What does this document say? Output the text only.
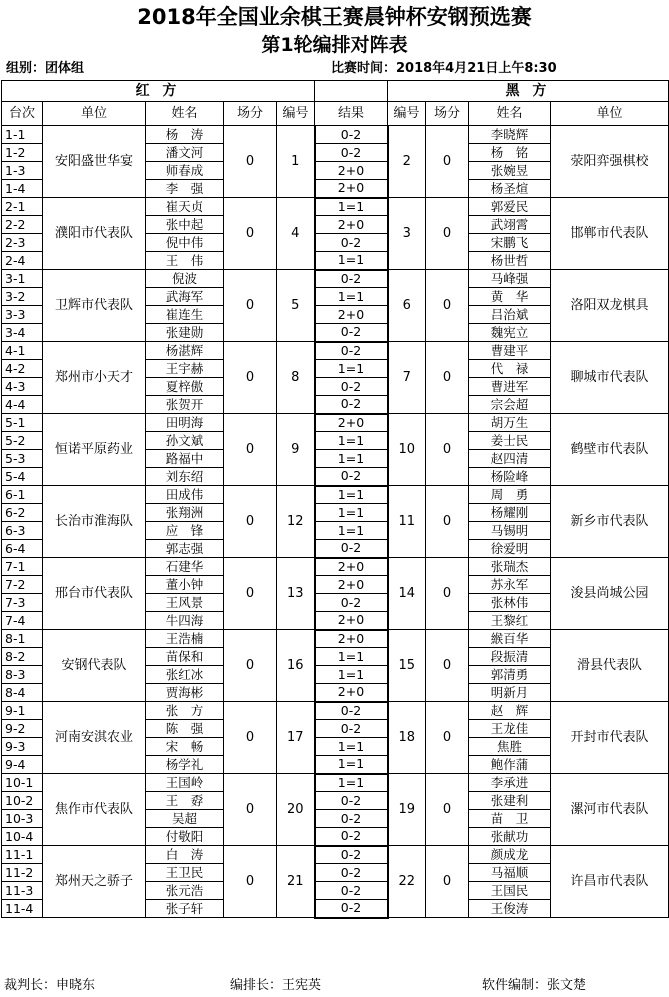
2018年全国业余棋王赛晨钟杯安钢预选赛
第1轮编排对阵表
组别：团体组	比赛时间：2018年4月21日上午8:30
红 方						黑 方			
台次	单位	姓名	场分	编号	结果	编号	场分	姓名	单位
1-1	安阳盛世华宴	杨　涛	0	1	0-2	2	0	李晓辉	荥阳弈强棋校
1-2		潘文河			0-2			杨　铭	
1-3		师春成			2+0			张婉昱	
1-4		李　强			2+0			杨圣煊	
2-1	濮阳市代表队	崔天贞	0	4	1=1	3	0	郭爱民	邯郸市代表队
2-2		张中起			2+0			武翊霄	
2-3		倪中伟			0-2			宋鹏飞	
2-4		王　伟			1=1			杨世哲	
3-1	卫辉市代表队	倪波	0	5	0-2	6	0	马峰强	洛阳双龙棋具
3-2		武海军			1=1			黄　华	
3-3		崔连生			2+0			吕治斌	
3-4		张建勋			0-2			魏宪立	
4-1	郑州市小天才	杨湛辉	0	8	0-2	7	0	曹建平	聊城市代表队
4-2		王宇赫			1=1			代　禄	
4-3		夏梓傲			0-2			曹进军	
4-4		张贺开			0-2			宗会超	
5-1	恒诺平原药业	田明海	0	9	2+0	10	0	胡万生	鹤壁市代表队
5-2		孙文斌			1=1			姜士民	
5-3		路福中			1=1			赵四清	
5-4		刘东绍			0-2			杨险峰	
6-1	长治市淮海队	田成伟	0	12	1=1	11	0	周　勇	新乡市代表队
6-2		张翔洲			1=1			杨耀刚	
6-3		应　锋			1=1			马锡明	
6-4		郭志强			0-2			徐爱明	
7-1	邢台市代表队	石建华	0	13	2+0	14	0	张瑞杰	浚县尚城公园
7-2		董小钟			2+0			苏永军	
7-3		王风景			0-2			张林伟	
7-4		牛四海			2+0			王黎红	
8-1	安钢代表队	王浩楠	0	16	2+0	15	0	緱百华	滑县代表队
8-2		苗保和			1=1			段振清	
8-3		张红冰			1=1			郭清勇	
8-4		贾海彬			2+0			明新月	
9-1	河南安淇农业	张　方	0	17	0-2	18	0	赵　辉	开封市代表队
9-2		陈　强			0-2			王龙佳	
9-3		宋　畅			1=1			焦胜	
9-4		杨学礼			1=1			鲍作蒲	
10-1	焦作市代表队	王国岭	0	20	1=1	19	0	李承进	漯河市代表队
10-2		王　孬			0-2			张建利	
10-3		吴超			0-2			苗　卫	
10-4		付敬阳			0-2			张献功	
11-1	郑州天之骄子	白　涛	0	21	0-2	22	0	颜成龙	许昌市代表队
11-2		王卫民			0-2			马福顺	
11-3		张元浩			0-2			王国民	
11-4		张子轩			0-2			王俊涛	
裁判长：申晓东	编排长：王宪英	软件编制：张文楚
